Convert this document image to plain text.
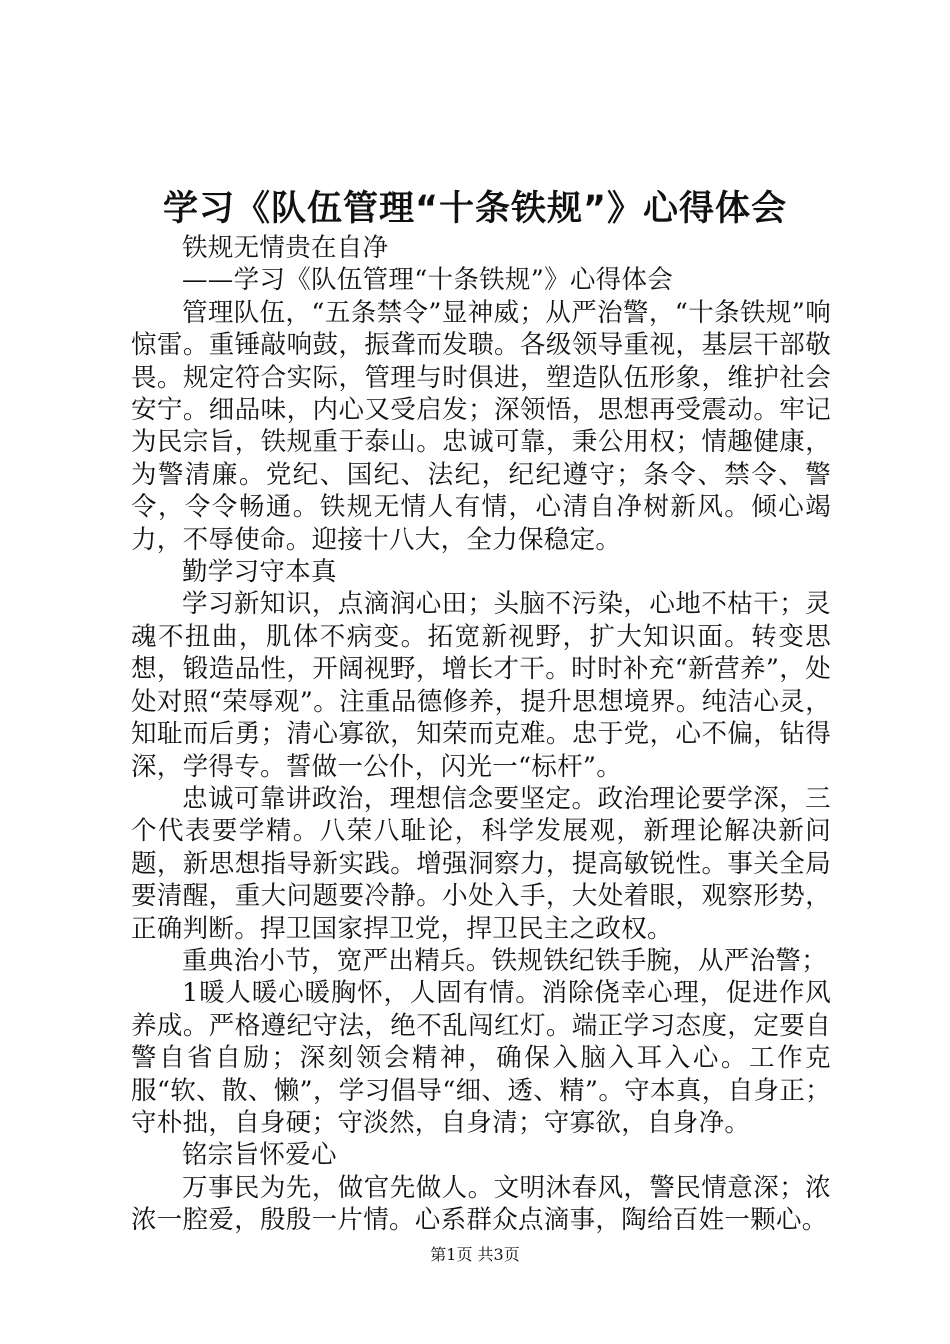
学习《队伍管理“十条铁规”》心得体会

铁规无情贵在自净

——学习《队伍管理“十条铁规”》心得体会

管理队伍，“五条禁令”显神威；从严治警，“十条铁规”响惊雷。重锤敲响鼓，振聋而发聩。各级领导重视，基层干部敬畏。规定符合实际，管理与时俱进，塑造队伍形象，维护社会安宁。细品味，内心又受启发；深领悟，思想再受震动。牢记为民宗旨，铁规重于泰山。忠诚可靠，秉公用权；情趣健康，为警清廉。党纪、国纪、法纪，纪纪遵守；条令、禁令、警令，令令畅通。铁规无情人有情，心清自净树新风。倾心竭力，不辱使命。迎接十八大，全力保稳定。

勤学习守本真

学习新知识，点滴润心田；头脑不污染，心地不枯干；灵魂不扭曲，肌体不病变。拓宽新视野，扩大知识面。转变思想，锻造品性，开阔视野，增长才干。时时补充“新营养”，处处对照“荣辱观”。注重品德修养，提升思想境界。纯洁心灵，知耻而后勇；清心寡欲，知荣而克难。忠于党，心不偏，钻得深，学得专。誓做一公仆，闪光一“标杆”。

忠诚可靠讲政治，理想信念要坚定。政治理论要学深，三个代表要学精。八荣八耻论，科学发展观，新理论解决新问题，新思想指导新实践。增强洞察力，提高敏锐性。事关全局要清醒，重大问题要冷静。小处入手，大处着眼，观察形势，正确判断。捍卫国家捍卫党，捍卫民主之政权。

重典治小节，宽严出精兵。铁规铁纪铁手腕，从严治警；

1暖人暖心暖胸怀，人固有情。消除侥幸心理，促进作风养成。严格遵纪守法，绝不乱闯红灯。端正学习态度，定要自警自省自励；深刻领会精神，确保入脑入耳入心。工作克服“软、散、懒”，学习倡导“细、透、精”。守本真，自身正；守朴拙，自身硬；守淡然，自身清；守寡欲，自身净。

铭宗旨怀爱心

万事民为先，做官先做人。文明沐春风，警民情意深；浓浓一腔爱，殷殷一片情。心系群众点滴事，陶给百姓一颗心。

第1页 共3页
